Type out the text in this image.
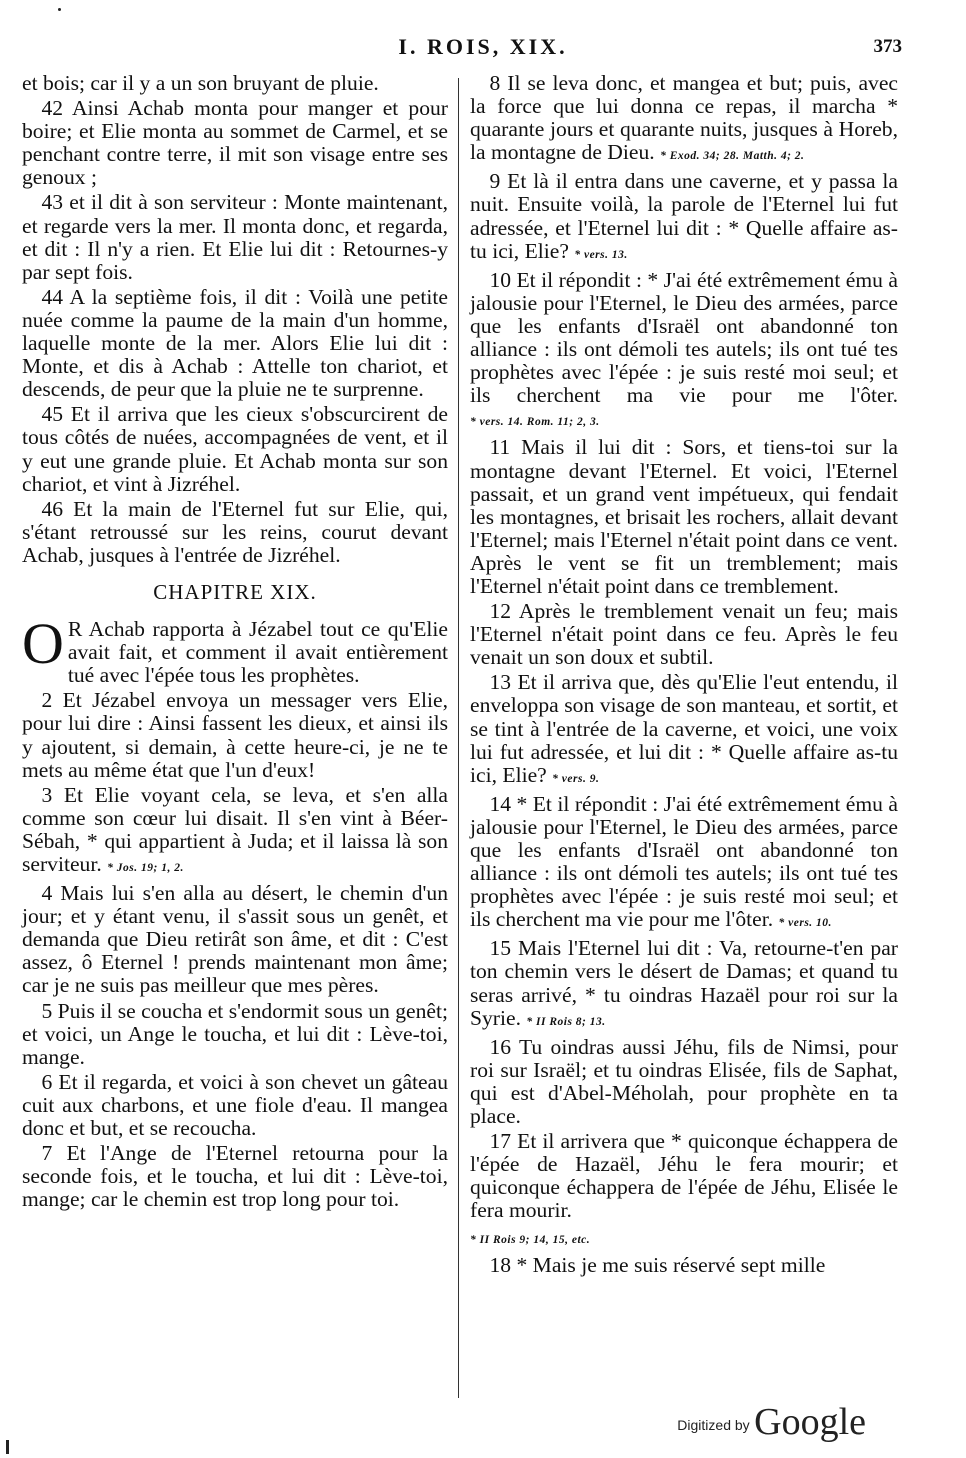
I. ROIS, XIX.	373

et bois; car il y a un son bruyant de pluie.

42 Ainsi Achab monta pour manger et pour boire; et Elie monta au sommet de Carmel, et se penchant contre terre, il mit son visage entre ses genoux ;

43 et il dit à son serviteur : Monte maintenant, et regarde vers la mer. Il monta donc, et regarda, et dit : Il n'y a rien. Et Elie lui dit : Retournes-y par sept fois.

44 A la septième fois, il dit : Voilà une petite nuée comme la paume de la main d'un homme, laquelle monte de la mer. Alors Elie lui dit : Monte, et dis à Achab : Attelle ton chariot, et descends, de peur que la pluie ne te surprenne.

45 Et il arriva que les cieux s'obscurcirent de tous côtés de nuées, accompagnées de vent, et il y eut une grande pluie. Et Achab monta sur son chariot, et vint à Jizréhel.

46 Et la main de l'Eternel fut sur Elie, qui, s'étant retroussé sur les reins, courut devant Achab, jusques à l'entrée de Jizréhel.

CHAPITRE XIX.

O R Achab rapporta à Jézabel tout ce qu'Elie avait fait, et comment il avait entièrement tué avec l'épée tous les prophètes.

2 Et Jézabel envoya un messager vers Elie, pour lui dire : Ainsi fassent les dieux, et ainsi ils y ajoutent, si demain, à cette heure-ci, je ne te mets au même état que l'un d'eux!

3 Et Elie voyant cela, se leva, et s'en alla comme son cœur lui disait. Il s'en vint à Béer-Sébah, * qui appartient à Juda; et il laissa là son serviteur. * Jos. 19; 1, 2.

4 Mais lui s'en alla au désert, le chemin d'un jour; et y étant venu, il s'assit sous un genêt, et demanda que Dieu retirât son âme, et dit : C'est assez, ô Eternel ! prends maintenant mon âme; car je ne suis pas meilleur que mes pères.

5 Puis il se coucha et s'endormit sous un genêt; et voici, un Ange le toucha, et lui dit : Lève-toi, mange.

6 Et il regarda, et voici à son chevet un gâteau cuit aux charbons, et une fiole d'eau. Il mangea donc et but, et se recoucha.

7 Et l'Ange de l'Eternel retourna pour la seconde fois, et le toucha, et lui dit : Lève-toi, mange; car le chemin est trop long pour toi.

8 Il se leva donc, et mangea et but; puis, avec la force que lui donna ce repas, il marcha * quarante jours et quarante nuits, jusques à Horeb, la montagne de Dieu. * Exod. 34; 28. Matth. 4; 2.

9 Et là il entra dans une caverne, et y passa la nuit. Ensuite voilà, la parole de l'Eternel lui fut adressée, et l'Eternel lui dit : * Quelle affaire as-tu ici, Elie? * vers. 13.

10 Et il répondit : * J'ai été extrêmement ému à jalousie pour l'Eternel, le Dieu des armées, parce que les enfants d'Israël ont abandonné ton alliance : ils ont démoli tes autels; ils ont tué tes prophètes avec l'épée : je suis resté moi seul; et ils cherchent ma vie pour me l'ôter. * vers. 14. Rom. 11; 2, 3.

11 Mais il lui dit : Sors, et tiens-toi sur la montagne devant l'Eternel. Et voici, l'Eternel passait, et un grand vent impétueux, qui fendait les montagnes, et brisait les rochers, allait devant l'Eternel; mais l'Eternel n'était point dans ce vent. Après le vent se fit un tremblement; mais l'Eternel n'était point dans ce tremblement.

12 Après le tremblement venait un feu; mais l'Eternel n'était point dans ce feu. Après le feu venait un son doux et subtil.

13 Et il arriva que, dès qu'Elie l'eut entendu, il enveloppa son visage de son manteau, et sortit, et se tint à l'entrée de la caverne, et voici, une voix lui fut adressée, et lui dit : * Quelle affaire as-tu ici, Elie? * vers. 9.

14 * Et il répondit : J'ai été extrêmement ému à jalousie pour l'Eternel, le Dieu des armées, parce que les enfants d'Israël ont abandonné ton alliance : ils ont démoli tes autels; ils ont tué tes prophètes avec l'épée : je suis resté moi seul; et ils cherchent ma vie pour me l'ôter. * vers. 10.

15 Mais l'Eternel lui dit : Va, retourne-t'en par ton chemin vers le désert de Damas; et quand tu seras arrivé, * tu oindras Hazaël pour roi sur la Syrie. * II Rois 8; 13.

16 Tu oindras aussi Jéhu, fils de Nimsi, pour roi sur Israël; et tu oindras Elisée, fils de Saphat, qui est d'Abel-Méholah, pour prophète en ta place.

17 Et il arrivera que * quiconque échappera de l'épée de Hazaël, Jéhu le fera mourir; et quiconque échappera de l'épée de Jéhu, Elisée le fera mourir.

* II Rois 9; 14, 15, etc.

18 * Mais je me suis réservé sept mille

Digitized by Google
